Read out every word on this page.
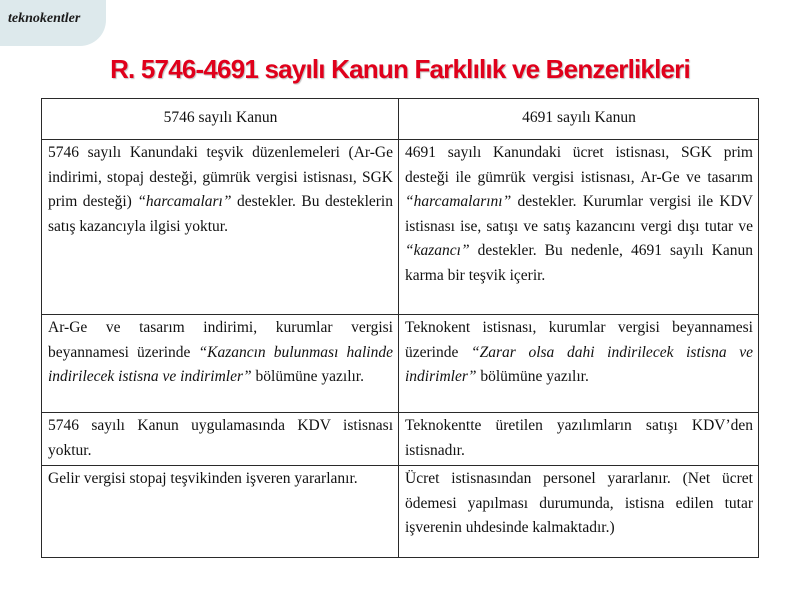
teknokentler
R. 5746-4691 sayılı Kanun Farklılık ve Benzerlikleri
5746 sayılı Kanun	4691 sayılı Kanun
5746 sayılı Kanundaki teşvik düzenlemeleri (Ar-Ge indirimi, stopaj desteği, gümrük vergisi istisnası, SGK prim desteği) “harcamaları” destekler. Bu desteklerin satış kazancıyla ilgisi yoktur.	4691 sayılı Kanundaki ücret istisnası, SGK prim desteği ile gümrük vergisi istisnası, Ar-Ge ve tasarım “harcamalarını” destekler. Kurumlar vergisi ile KDV istisnası ise, satışı ve satış kazancını vergi dışı tutar ve “kazancı” destekler. Bu nedenle, 4691 sayılı Kanun karma bir teşvik içerir.
Ar-Ge ve tasarım indirimi, kurumlar vergisi beyannamesi üzerinde “Kazancın bulunması halinde indirilecek istisna ve indirimler” bölümüne yazılır.	Teknokent istisnası, kurumlar vergisi beyannamesi üzerinde “Zarar olsa dahi indirilecek istisna ve indirimler” bölümüne yazılır.
5746 sayılı Kanun uygulamasında KDV istisnası yoktur.	Teknokentte üretilen yazılımların satışı KDV’den istisnadır.
Gelir vergisi stopaj teşvikinden işveren yararlanır.	Ücret istisnasından personel yararlanır. (Net ücret ödemesi yapılması durumunda, istisna edilen tutar işverenin uhdesinde kalmaktadır.)
